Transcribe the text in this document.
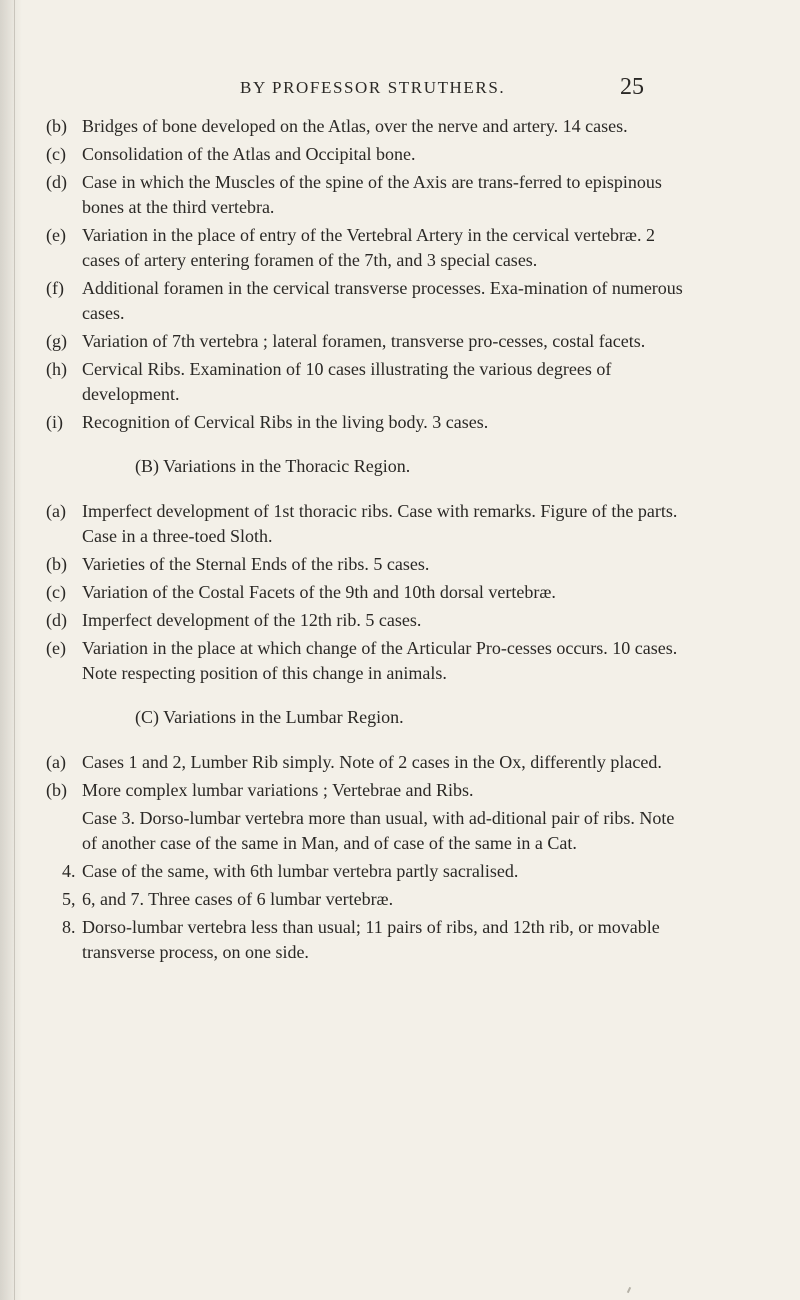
BY PROFESSOR STRUTHERS.	25
(b) Bridges of bone developed on the Atlas, over the nerve and artery. 14 cases.
(c) Consolidation of the Atlas and Occipital bone.
(d) Case in which the Muscles of the spine of the Axis are trans-ferred to epispinous bones at the third vertebra.
(e) Variation in the place of entry of the Vertebral Artery in the cervical vertebræ. 2 cases of artery entering foramen of the 7th, and 3 special cases.
(f) Additional foramen in the cervical transverse processes. Exa-mination of numerous cases.
(g) Variation of 7th vertebra ; lateral foramen, transverse pro-cesses, costal facets.
(h) Cervical Ribs. Examination of 10 cases illustrating the various degrees of development.
(i) Recognition of Cervical Ribs in the living body. 3 cases.
(B) Variations in the Thoracic Region.
(a) Imperfect development of 1st thoracic ribs. Case with remarks. Figure of the parts. Case in a three-toed Sloth.
(b) Varieties of the Sternal Ends of the ribs. 5 cases.
(c) Variation of the Costal Facets of the 9th and 10th dorsal vertebræ.
(d) Imperfect development of the 12th rib. 5 cases.
(e) Variation in the place at which change of the Articular Pro-cesses occurs. 10 cases. Note respecting position of this change in animals.
(C) Variations in the Lumbar Region.
(a) Cases 1 and 2, Lumber Rib simply. Note of 2 cases in the Ox, differently placed.
(b) More complex lumbar variations ; Vertebrae and Ribs.
Case 3. Dorso-lumbar vertebra more than usual, with ad-ditional pair of ribs. Note of another case of the same in Man, and of case of the same in a Cat.
4. Case of the same, with 6th lumbar vertebra partly sacralised.
5, 6, and 7. Three cases of 6 lumbar vertebræ.
8. Dorso-lumbar vertebra less than usual; 11 pairs of ribs, and 12th rib, or movable transverse process, on one side.
